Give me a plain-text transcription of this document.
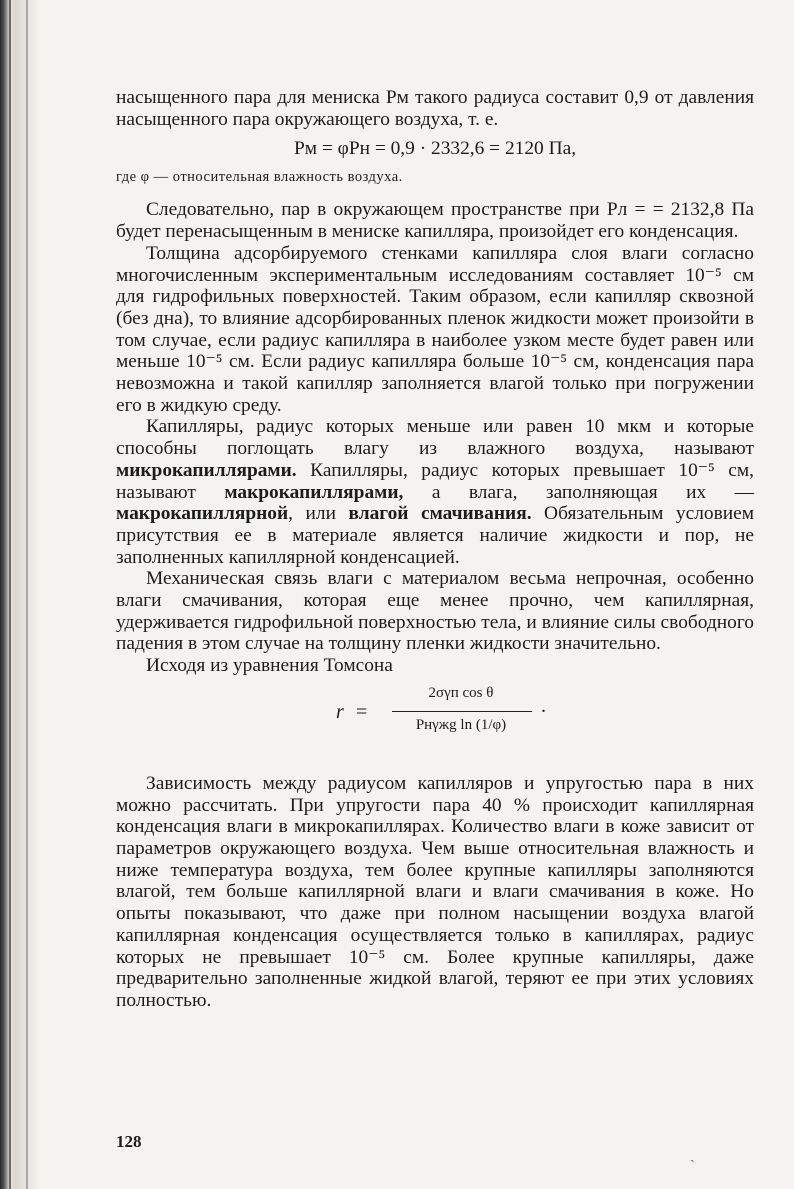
насыщенного пара для мениска Pм такого радиуса составит 0,9 от давления насыщенного пара окружающего воздуха, т. е.

Pм = φPн = 0,9 · 2332,6 = 2120 Па,

где φ — относительная влажность воздуха.

Следовательно, пар в окружающем пространстве при Pл = = 2132,8 Па будет перенасыщенным в мениске капилляра, произойдет его конденсация.

Толщина адсорбируемого стенками капилляра слоя влаги согласно многочисленным экспериментальным исследованиям составляет 10⁻⁵ см для гидрофильных поверхностей. Таким образом, если капилляр сквозной (без дна), то влияние адсорбированных пленок жидкости может произойти в том случае, если радиус капилляра в наиболее узком месте будет равен или меньше 10⁻⁵ см. Если радиус капилляра больше 10⁻⁵ см, конденсация пара невозможна и такой капилляр заполняется влагой только при погружении его в жидкую среду.

Капилляры, радиус которых меньше или равен 10 мкм и которые способны поглощать влагу из влажного воздуха, называют микрокапиллярами. Капилляры, радиус которых превышает 10⁻⁵ см, называют макрокапиллярами, а влага, заполняющая их — макрокапиллярной, или влагой смачивания. Обязательным условием присутствия ее в материале является наличие жидкости и пор, не заполненных капиллярной конденсацией.

Механическая связь влаги с материалом весьма непрочная, особенно влаги смачивания, которая еще менее прочно, чем капиллярная, удерживается гидрофильной поверхностью тела, и влияние силы свободного падения в этом случае на толщину пленки жидкости значительно.

Исходя из уравнения Томсона

r =
2σγп cos θ
Pнγжg ln (1/φ)
.

Зависимость между радиусом капилляров и упругостью пара в них можно рассчитать. При упругости пара 40 % происходит капиллярная конденсация влаги в микрокапиллярах. Количество влаги в коже зависит от параметров окружающего воздуха. Чем выше относительная влажность и ниже температура воздуха, тем более крупные капилляры заполняются влагой, тем больше капиллярной влаги и влаги смачивания в коже. Но опыты показывают, что даже при полном насыщении воздуха влагой капиллярная конденсация осуществляется только в капиллярах, радиус которых не превышает 10⁻⁵ см. Более крупные капилляры, даже предварительно заполненные жидкой влагой, теряют ее при этих условиях полностью.

128
ˏ
